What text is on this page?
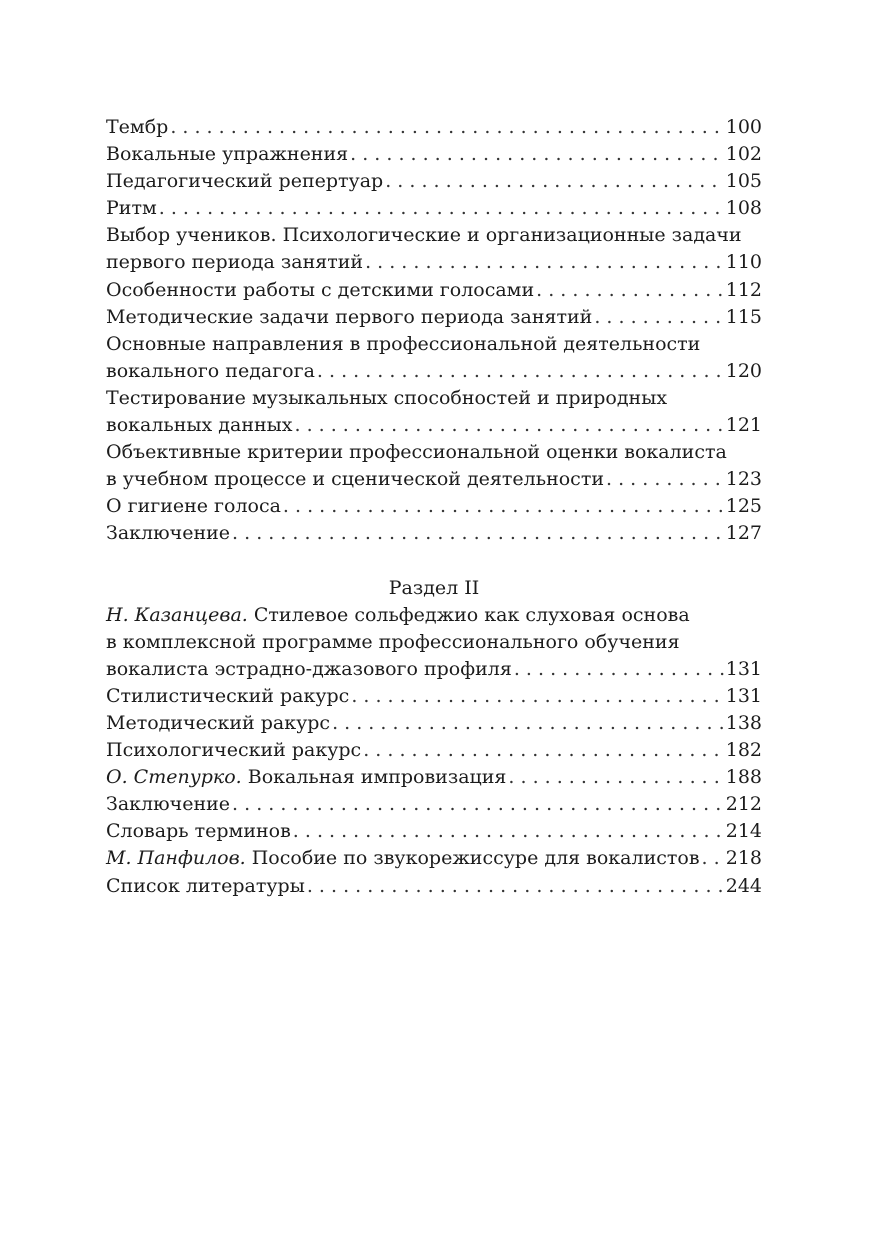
Тембр . . .	100
Вокальные упражнения . . .	102
Педагогический репертуар . . .	105
Ритм . . .	108
Выбор учеников. Психологические и организационные задачи
первого периода занятий . . .	110
Особенности работы с детскими голосами . . .	112
Методические задачи первого периода занятий . . .	115
Основные направления в профессиональной деятельности
вокального педагога . . .	120
Тестирование музыкальных способностей и природных
вокальных данных . . .	121
Объективные критерии профессиональной оценки вокалиста
в учебном процессе и сценической деятельности . . .	123
О гигиене голоса . . .	125
Заключение . . .	127
Раздел II
Н. Казанцева. Стилевое сольфеджио как слуховая основа
в комплексной программе профессионального обучения
вокалиста эстрадно-джазового профиля . . .	131
Стилистический ракурс . . .	131
Методический ракурс . . .	138
Психологический ракурс . . .	182
О. Степурко. Вокальная импровизация . . .	188
Заключение . . .	212
Словарь терминов . . .	214
М. Панфилов. Пособие по звукорежиссуре для вокалистов . . . 218
Список литературы . . .	244
